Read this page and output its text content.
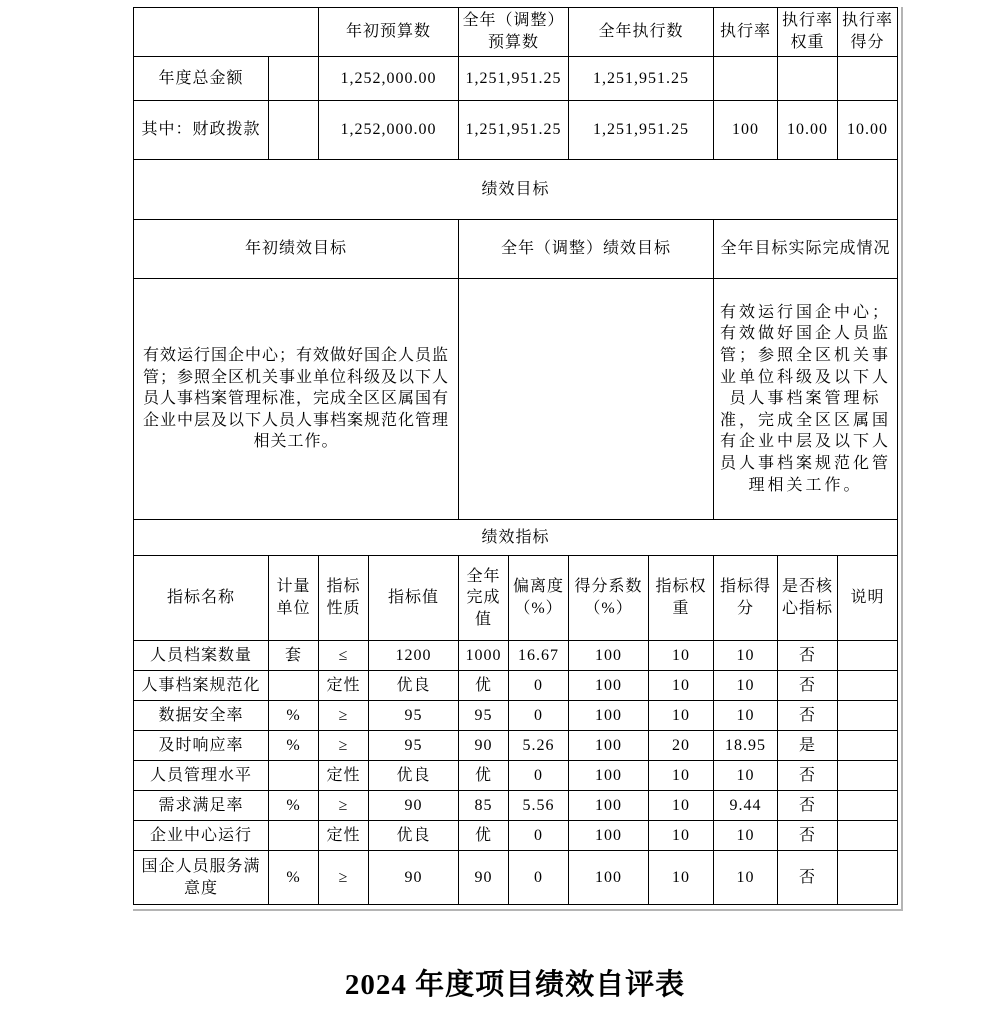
		年初预算数		全年（调整）预算数		全年执行数		执行率	执行率权重	执行率得分
年度总金额		1,252,000.00		1,251,951.25		1,251,951.25				
其中：财政拨款		1,252,000.00		1,251,951.25		1,251,951.25		100	10.00	10.00
绩效目标										
年初绩效目标				全年（调整）绩效目标				全年目标实际完成情况		
有效运行国企中心；有效做好国企人员监管；参照全区机关事业单位科级及以下人员人事档案管理标准，完成全区区属国有企业中层及以下人员人事档案规范化管理相关工作。								有效运行国企中心；有效做好国企人员监管；参照全区机关事业单位科级及以下人员人事档案管理标准，完成全区区属国有企业中层及以下人员人事档案规范化管理相关工作。		
绩效指标										
指标名称	计量单位	指标性质	指标值	全年完成值	偏离度（%）	得分系数（%）	指标权重	指标得分	是否核心指标	说明
人员档案数量	套	≤	1200	1000	16.67	100	10	10	否	
人事档案规范化		定性	优良	优	0	100	10	10	否	
数据安全率	%	≥	95	95	0	100	10	10	否	
及时响应率	%	≥	95	90	5.26	100	20	18.95	是	
人员管理水平		定性	优良	优	0	100	10	10	否	
需求满足率	%	≥	90	85	5.56	100	10	9.44	否	
企业中心运行		定性	优良	优	0	100	10	10	否	
国企人员服务满意度	%	≥	90	90	0	100	10	10	否	
2024 年度项目绩效自评表
